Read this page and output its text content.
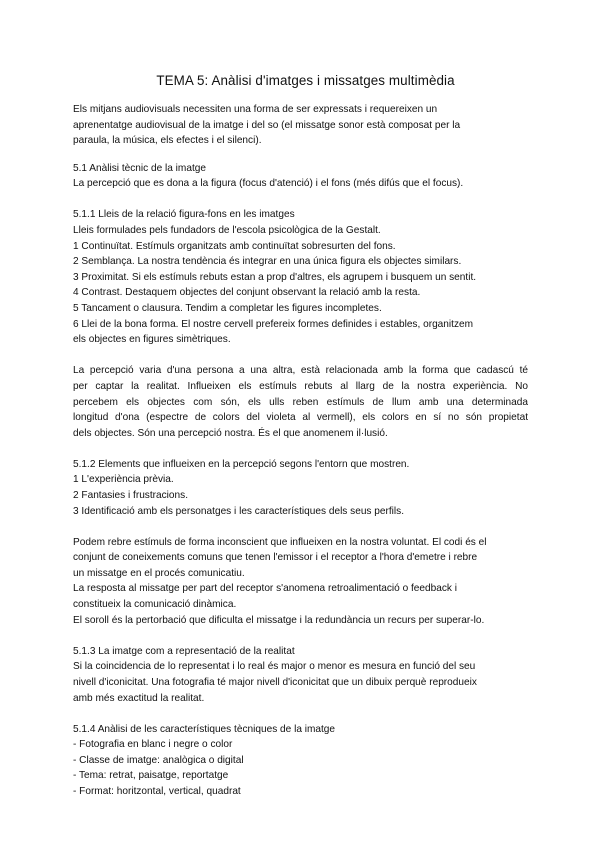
TEMA 5: Anàlisi d'imatges i missatges multimèdia
Els mitjans audiovisuals necessiten una forma de ser expressats i requereixen un
aprenentatge audiovisual de la imatge i del so (el missatge sonor està composat per la
paraula, la música, els efectes i el silenci).
5.1 Anàlisi tècnic de la imatge
La percepció que es dona a la figura (focus d'atenció) i el fons (més difús que el focus).
5.1.1 Lleis de la relació figura-fons en les imatges
Lleis formulades pels fundadors de l'escola psicològica de la Gestalt.
1 Continuïtat. Estímuls organitzats amb continuïtat sobresurten del fons.
2 Semblança. La nostra tendència és integrar en una única figura els objectes similars.
3 Proximitat. Si els estímuls rebuts estan a prop d'altres, els agrupem i busquem un sentit.
4 Contrast. Destaquem objectes del conjunt observant la relació amb la resta.
5 Tancament o clausura. Tendim a completar les figures incompletes.
6 Llei de la bona forma. El nostre cervell prefereix formes definides i estables, organitzem
els objectes en figures simètriques.
La percepció varia d'una persona a una altra, està relacionada amb la forma que cadascú té
per captar la realitat. Influeixen els estímuls rebuts al llarg de la nostra experiència. No
percebem els objectes com són, els ulls reben estímuls de llum amb una determinada
longitud d'ona (espectre de colors del violeta al vermell), els colors en sí no són propietat
dels objectes. Són una percepció nostra. És el que anomenem il·lusió.
5.1.2 Elements que influeixen en la percepció segons l'entorn que mostren.
1 L'experiència prèvia.
2 Fantasies i frustracions.
3 Identificació amb els personatges i les característiques dels seus perfils.
Podem rebre estímuls de forma inconscient que influeixen en la nostra voluntat. El codi és el
conjunt de coneixements comuns que tenen l'emissor i el receptor a l'hora d'emetre i rebre
un missatge en el procés comunicatiu.
La resposta al missatge per part del receptor s'anomena retroalimentació o feedback i
constitueix la comunicació dinàmica.
El soroll és la pertorbació que dificulta el missatge i la redundància un recurs per superar-lo.
5.1.3 La imatge com a representació de la realitat
Si la coincidencia de lo representat i lo real és major o menor es mesura en funció del seu
nivell d'iconicitat. Una fotografia té major nivell d'iconicitat que un dibuix perquè reprodueix
amb més exactitud la realitat.
5.1.4 Anàlisi de les característiques tècniques de la imatge
- Fotografia en blanc i negre o color
- Classe de imatge: analògica o digital
- Tema: retrat, paisatge, reportatge
- Format: horitzontal, vertical, quadrat
